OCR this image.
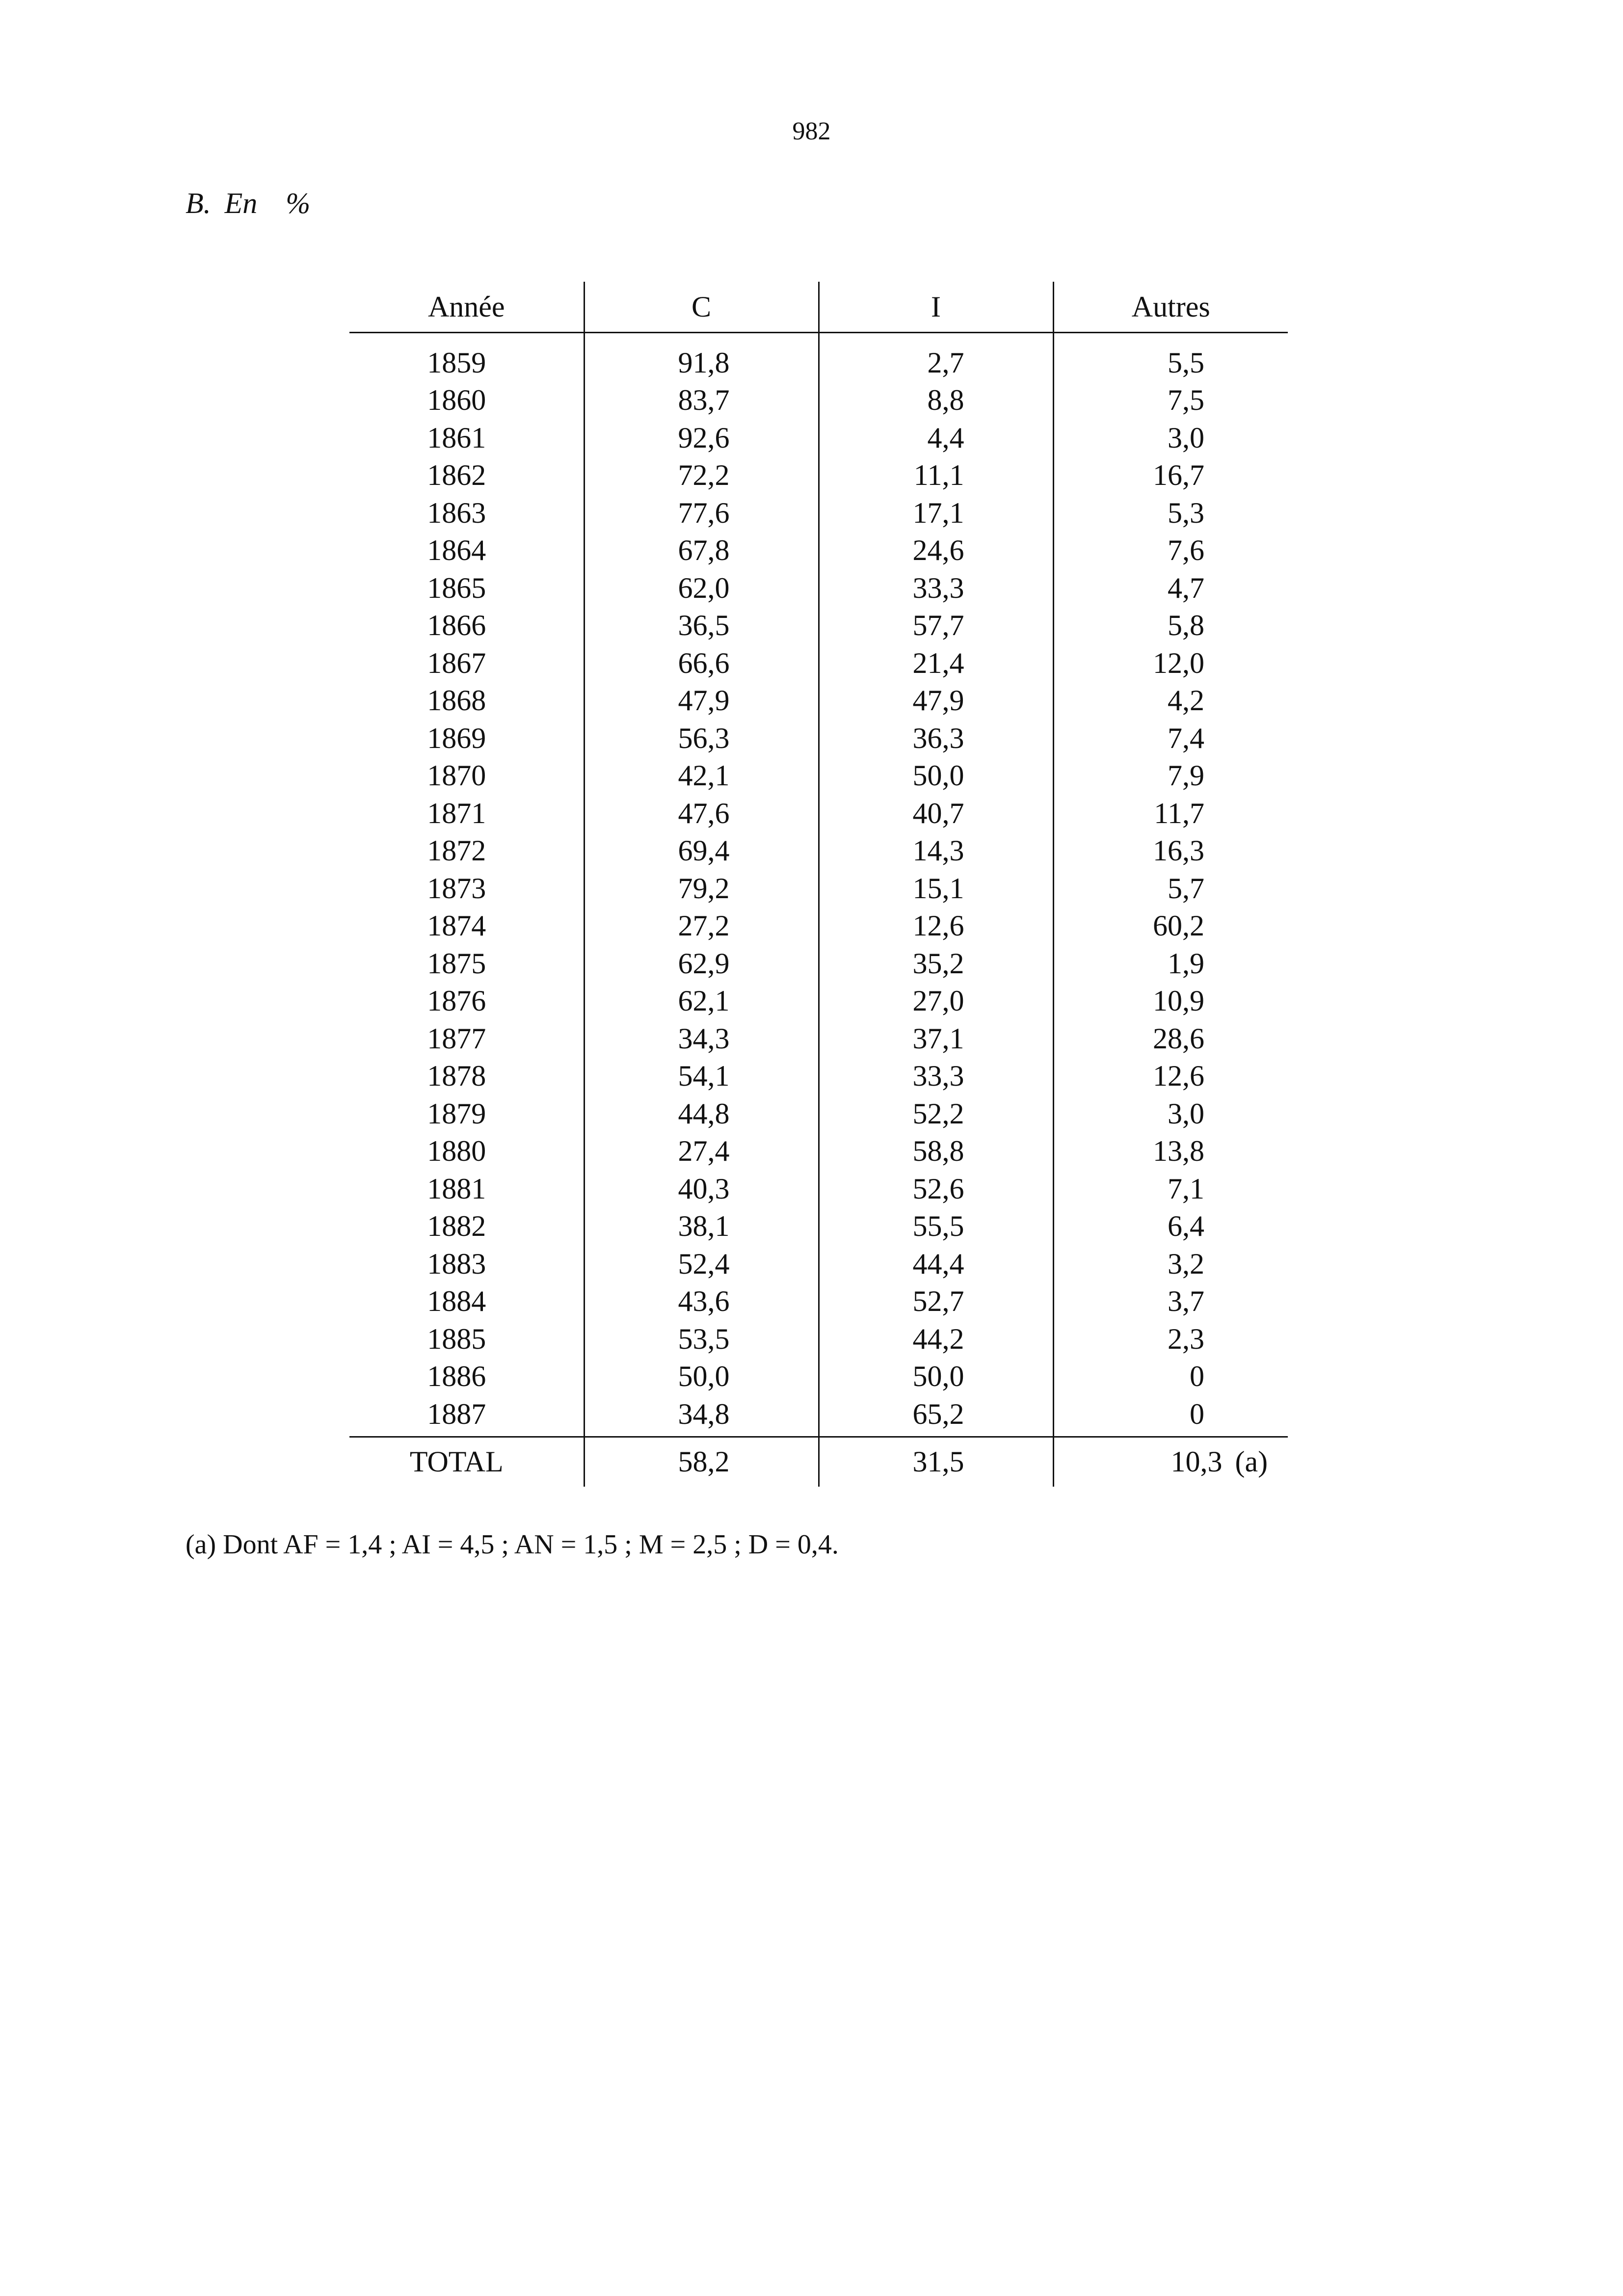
982
B. En  %
Année	C	I	Autres
1859	91,8	2,7	5,5
1860	83,7	8,8	7,5
1861	92,6	4,4	3,0
1862	72,2	11,1	16,7
1863	77,6	17,1	5,3
1864	67,8	24,6	7,6
1865	62,0	33,3	4,7
1866	36,5	57,7	5,8
1867	66,6	21,4	12,0
1868	47,9	47,9	4,2
1869	56,3	36,3	7,4
1870	42,1	50,0	7,9
1871	47,6	40,7	11,7
1872	69,4	14,3	16,3
1873	79,2	15,1	5,7
1874	27,2	12,6	60,2
1875	62,9	35,2	1,9
1876	62,1	27,0	10,9
1877	34,3	37,1	28,6
1878	54,1	33,3	12,6
1879	44,8	52,2	3,0
1880	27,4	58,8	13,8
1881	40,3	52,6	7,1
1882	38,1	55,5	6,4
1883	52,4	44,4	3,2
1884	43,6	52,7	3,7
1885	53,5	44,2	2,3
1886	50,0	50,0	0
1887	34,8	65,2	0
TOTAL	58,2	31,5	10,3 (a)
(a) Dont AF = 1,4 ; AI = 4,5 ; AN = 1,5 ; M = 2,5 ; D = 0,4.
